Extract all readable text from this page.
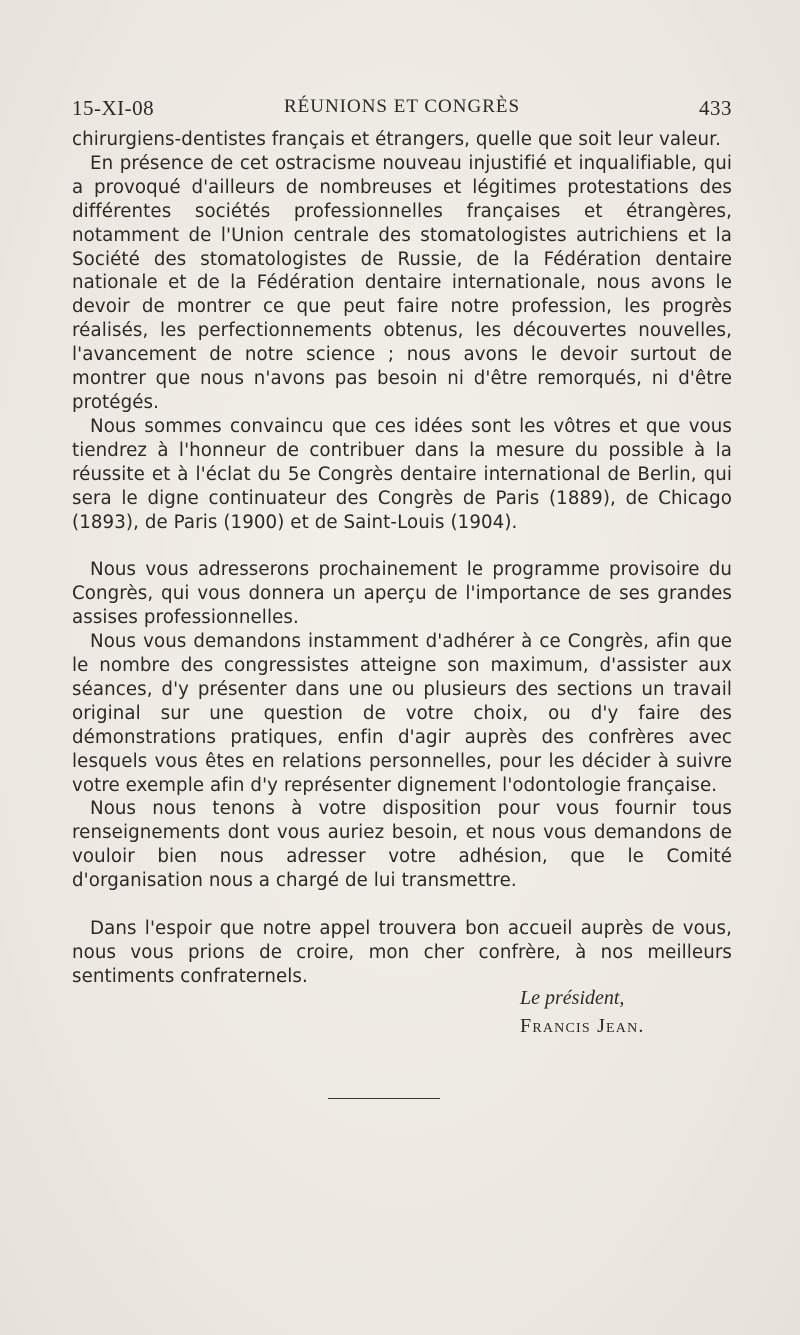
15-XI-08	RÉUNIONS ET CONGRÈS	433

chirurgiens-dentistes français et étrangers, quelle que soit leur valeur.

En présence de cet ostracisme nouveau injustifié et inqualifiable, qui a provoqué d'ailleurs de nombreuses et légitimes protestations des différentes sociétés professionnelles françaises et étrangères, notamment de l'Union centrale des stomatologistes autrichiens et la Société des stomatologistes de Russie, de la Fédération dentaire nationale et de la Fédération dentaire internationale, nous avons le devoir de montrer ce que peut faire notre profession, les progrès réalisés, les perfectionnements obtenus, les découvertes nouvelles, l'avancement de notre science ; nous avons le devoir surtout de montrer que nous n'avons pas besoin ni d'être remorqués, ni d'être protégés.

Nous sommes convaincu que ces idées sont les vôtres et que vous tiendrez à l'honneur de contribuer dans la mesure du possible à la réussite et à l'éclat du 5e Congrès dentaire international de Berlin, qui sera le digne continuateur des Congrès de Paris (1889), de Chicago (1893), de Paris (1900) et de Saint-Louis (1904).

Nous vous adresserons prochainement le programme provisoire du Congrès, qui vous donnera un aperçu de l'importance de ses grandes assises professionnelles.

Nous vous demandons instamment d'adhérer à ce Congrès, afin que le nombre des congressistes atteigne son maximum, d'assister aux séances, d'y présenter dans une ou plusieurs des sections un travail original sur une question de votre choix, ou d'y faire des démonstrations pratiques, enfin d'agir auprès des confrères avec lesquels vous êtes en relations personnelles, pour les décider à suivre votre exemple afin d'y représenter dignement l'odontologie française.

Nous nous tenons à votre disposition pour vous fournir tous renseignements dont vous auriez besoin, et nous vous demandons de vouloir bien nous adresser votre adhésion, que le Comité d'organisation nous a chargé de lui transmettre.

Dans l'espoir que notre appel trouvera bon accueil auprès de vous, nous vous prions de croire, mon cher confrère, à nos meilleurs sentiments confraternels.

Le président,
Francis Jean.
